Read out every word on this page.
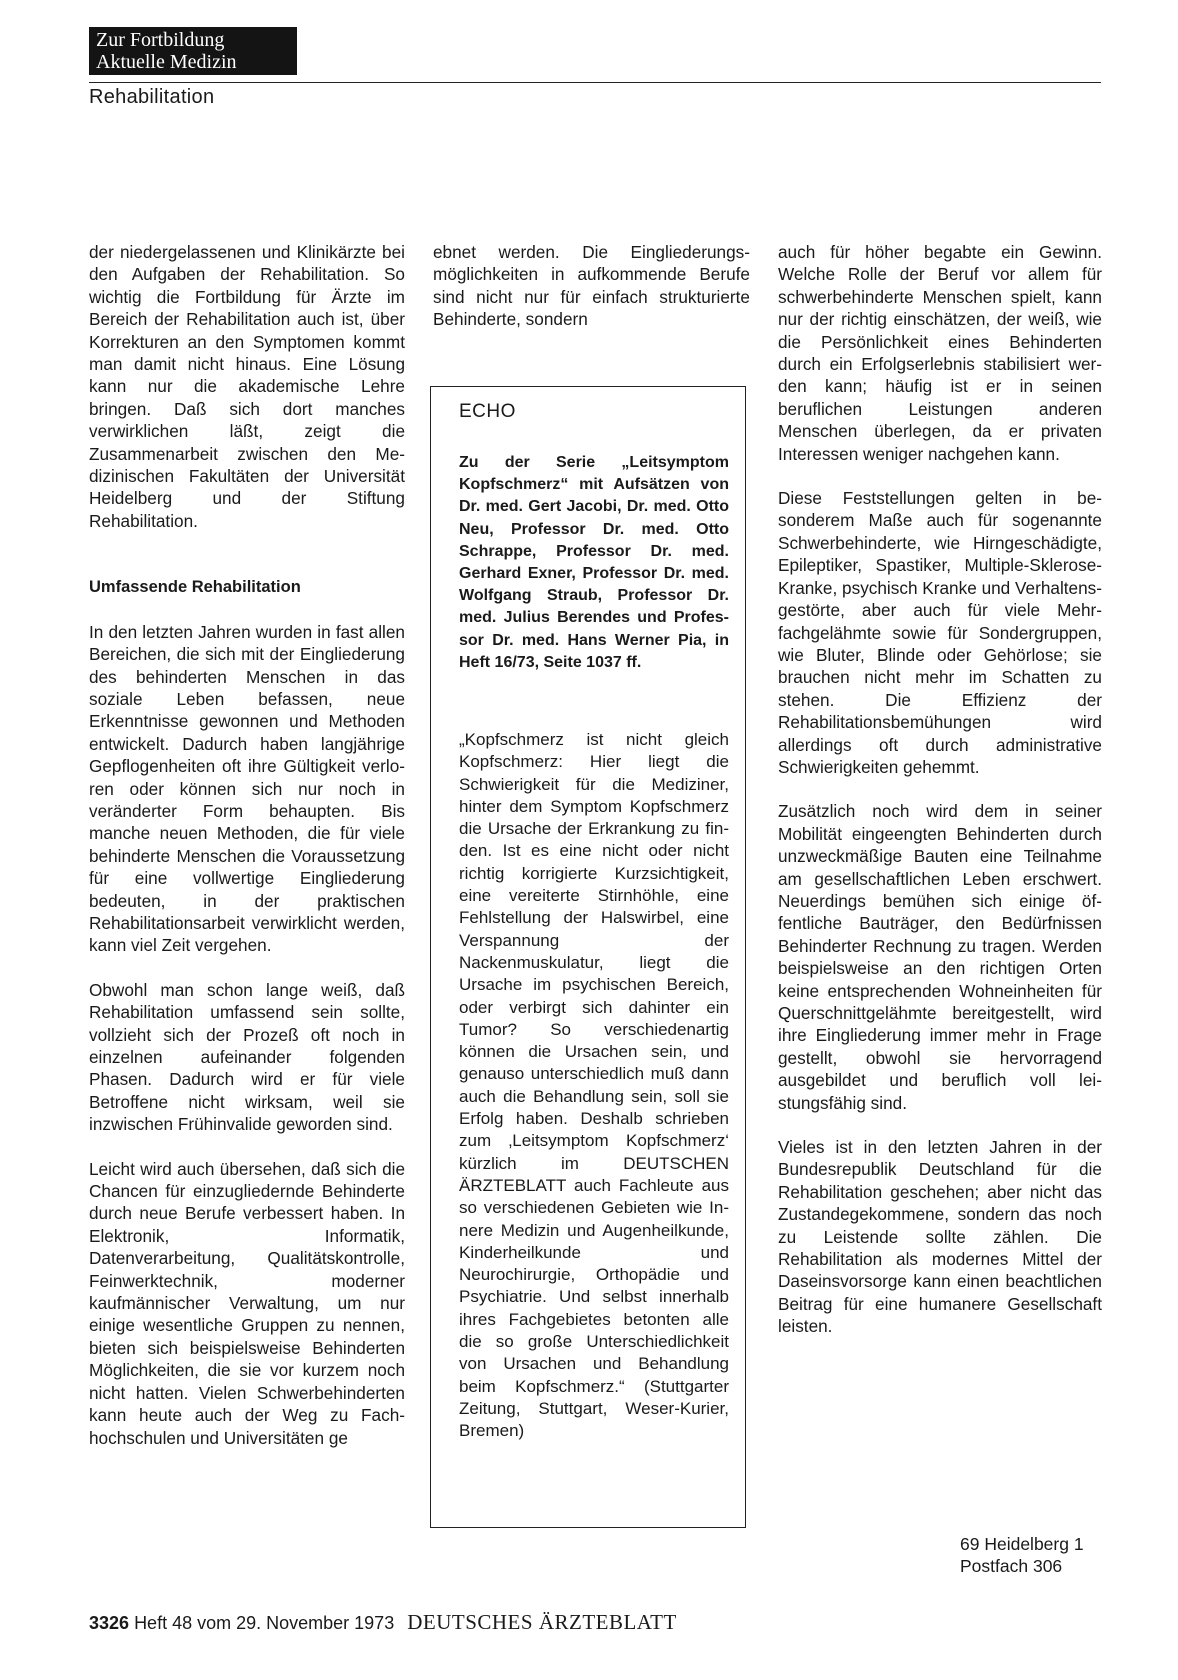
Zur Fortbildung
Aktuelle Medizin
Rehabilitation

der niedergelassenen und Klinikärzte bei den Aufgaben der Rehabilitation. So wichtig die Fortbildung für Ärzte im Bereich der Rehabilitation auch ist, über Korrekturen an den Symptomen kommt man damit nicht hinaus. Eine Lösung kann nur die akademische Lehre bringen. Daß sich dort manches verwirklichen läßt, zeigt die Zusammenarbeit zwischen den Medizinischen Fakultäten der Universität Heidelberg und der Stiftung Rehabilitation.

Umfassende Rehabilitation

In den letzten Jahren wurden in fast allen Bereichen, die sich mit der Eingliederung des behinderten Menschen in das soziale Leben befassen, neue Erkenntnisse gewonnen und Methoden entwickelt. Dadurch haben langjährige Gepflogenheiten oft ihre Gültigkeit verloren oder können sich nur noch in veränderter Form behaupten. Bis manche neuen Methoden, die für viele behinderte Menschen die Voraussetzung für eine vollwertige Eingliederung bedeuten, in der praktischen Rehabilitationsarbeit verwirklicht werden, kann viel Zeit vergehen.

Obwohl man schon lange weiß, daß Rehabilitation umfassend sein sollte, vollzieht sich der Prozeß oft noch in einzelnen aufeinander folgenden Phasen. Dadurch wird er für viele Betroffene nicht wirksam, weil sie inzwischen Frühinvalide geworden sind.

Leicht wird auch übersehen, daß sich die Chancen für einzugliedernde Behinderte durch neue Berufe verbessert haben. In Elektronik, Informatik, Datenverarbeitung, Qualitätskontrolle, Feinwerktechnik, moderner kaufmännischer Verwaltung, um nur einige wesentliche Gruppen zu nennen, bieten sich beispielsweise Behinderten Möglichkeiten, die sie vor kurzem noch nicht hatten. Vielen Schwerbehinderten kann heute auch der Weg zu Fachhochschulen und Universitäten ge

ebnet werden. Die Eingliederungsmöglichkeiten in aufkommende Berufe sind nicht nur für einfach strukturierte Behinderte, sondern

ECHO
Zu der Serie „Leitsymptom Kopfschmerz“ mit Aufsätzen von Dr. med. Gert Jacobi, Dr. med. Otto Neu, Professor Dr. med. Otto Schrappe, Professor Dr. med. Gerhard Exner, Professor Dr. med. Wolfgang Straub, Professor Dr. med. Julius Berendes und Professor Dr. med. Hans Werner Pia, in Heft 16/73, Seite 1037 ff.
„Kopfschmerz ist nicht gleich Kopfschmerz: Hier liegt die Schwierigkeit für die Mediziner, hinter dem Symptom Kopfschmerz die Ursache der Erkrankung zu finden. Ist es eine nicht oder nicht richtig korrigierte Kurzsichtigkeit, eine vereiterte Stirnhöhle, eine Fehlstellung der Halswirbel, eine Verspannung der Nackenmuskulatur, liegt die Ursache im psychischen Bereich, oder verbirgt sich dahinter ein Tumor? So verschiedenartig können die Ursachen sein, und genauso unterschiedlich muß dann auch die Behandlung sein, soll sie Erfolg haben. Deshalb schrieben zum ‚Leitsymptom Kopfschmerz‘ kürzlich im DEUTSCHEN ÄRZTEBLATT auch Fachleute aus so verschiedenen Gebieten wie Innere Medizin und Augenheilkunde, Kinderheilkunde und Neurochirurgie, Orthopädie und Psychiatrie. Und selbst innerhalb ihres Fachgebietes betonten alle die so große Unterschiedlichkeit von Ursachen und Behandlung beim Kopfschmerz.“ (Stuttgarter Zeitung, Stuttgart, Weser-Kurier, Bremen)

auch für höher begabte ein Gewinn. Welche Rolle der Beruf vor allem für schwerbehinderte Menschen spielt, kann nur der richtig einschätzen, der weiß, wie die Persönlichkeit eines Behinderten durch ein Erfolgserlebnis stabilisiert werden kann; häufig ist er in seinen beruflichen Leistungen anderen Menschen überlegen, da er privaten Interessen weniger nachgehen kann.

Diese Feststellungen gelten in besonderem Maße auch für sogenannte Schwerbehinderte, wie Hirngeschädigte, Epileptiker, Spastiker, Multiple-Sklerose-Kranke, psychisch Kranke und Verhaltensgestörte, aber auch für viele Mehrfachgelähmte sowie für Sondergruppen, wie Bluter, Blinde oder Gehörlose; sie brauchen nicht mehr im Schatten zu stehen. Die Effizienz der Rehabilitationsbemühungen wird allerdings oft durch administrative Schwierigkeiten gehemmt.

Zusätzlich noch wird dem in seiner Mobilität eingeengten Behinderten durch unzweckmäßige Bauten eine Teilnahme am gesellschaftlichen Leben erschwert. Neuerdings bemühen sich einige öffentliche Bauträger, den Bedürfnissen Behinderter Rechnung zu tragen. Werden beispielsweise an den richtigen Orten keine entsprechenden Wohneinheiten für Querschnittgelähmte bereitgestellt, wird ihre Eingliederung immer mehr in Frage gestellt, obwohl sie hervorragend ausgebildet und beruflich voll leistungsfähig sind.

Vieles ist in den letzten Jahren in der Bundesrepublik Deutschland für die Rehabilitation geschehen; aber nicht das Zustandegekommene, sondern das noch zu Leistende sollte zählen. Die Rehabilitation als modernes Mittel der Daseinsvorsorge kann einen beachtlichen Beitrag für eine humanere Gesellschaft leisten.

69 Heidelberg 1
Postfach 306
3326 Heft 48 vom 29. November 1973 DEUTSCHES ÄRZTEBLATT
